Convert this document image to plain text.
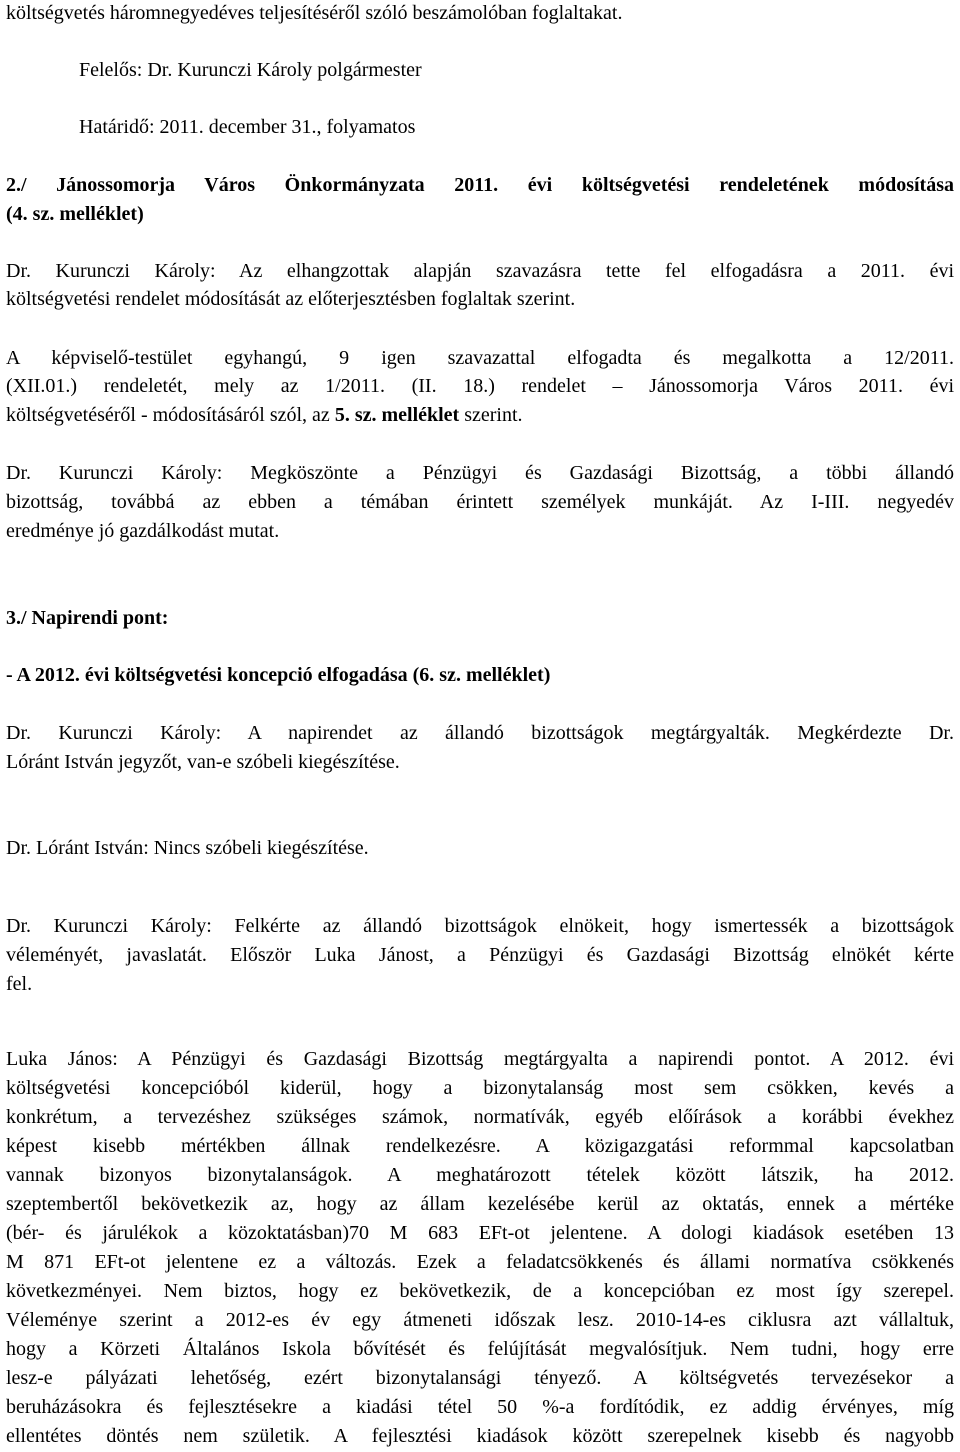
költségvetés háromnegyedéves teljesítéséről szóló beszámolóban foglaltakat.
Felelős: Dr. Kurunczi Károly polgármester
Határidő: 2011. december 31., folyamatos
2./ Jánossomorja Város Önkormányzata 2011. évi költségvetési rendeletének módosítása
(4. sz. melléklet)
Dr. Kurunczi Károly: Az elhangzottak alapján szavazásra tette fel elfogadásra a 2011. évi
költségvetési rendelet módosítását az előterjesztésben foglaltak szerint.
A képviselő-testület egyhangú, 9 igen szavazattal elfogadta és megalkotta a 12/2011.
(XII.01.) rendeletét, mely az 1/2011. (II. 18.) rendelet – Jánossomorja Város 2011. évi
költségvetéséről - módosításáról szól, az 5. sz. melléklet szerint.
Dr. Kurunczi Károly: Megköszönte a Pénzügyi és Gazdasági Bizottság, a többi állandó
bizottság, továbbá az ebben a témában érintett személyek munkáját. Az I-III. negyedév
eredménye jó gazdálkodást mutat.
3./ Napirendi pont:
- A 2012. évi költségvetési koncepció elfogadása (6. sz. melléklet)
Dr. Kurunczi Károly: A napirendet az állandó bizottságok megtárgyalták. Megkérdezte Dr.
Lóránt István jegyzőt, van-e szóbeli kiegészítése.
Dr. Lóránt István: Nincs szóbeli kiegészítése.
Dr. Kurunczi Károly: Felkérte az állandó bizottságok elnökeit, hogy ismertessék a bizottságok
véleményét, javaslatát. Először Luka Jánost, a Pénzügyi és Gazdasági Bizottság elnökét kérte
fel.
Luka János: A Pénzügyi és Gazdasági Bizottság megtárgyalta a napirendi pontot. A 2012. évi
költségvetési koncepcióból kiderül, hogy a bizonytalanság most sem csökken, kevés a
konkrétum, a tervezéshez szükséges számok, normatívák, egyéb előírások a korábbi évekhez
képest kisebb mértékben állnak rendelkezésre. A közigazgatási reformmal kapcsolatban
vannak bizonyos bizonytalanságok. A meghatározott tételek között látszik, ha 2012.
szeptembertől bekövetkezik az, hogy az állam kezelésébe kerül az oktatás, ennek a mértéke
(bér- és járulékok a közoktatásban)70 M 683 EFt-ot jelentene. A dologi kiadások esetében 13
M 871 EFt-ot jelentene ez a változás. Ezek a feladatcsökkenés és állami normatíva csökkenés
következményei. Nem biztos, hogy ez bekövetkezik, de a koncepcióban ez most így szerepel.
Véleménye szerint a 2012-es év egy átmeneti időszak lesz. 2010-14-es ciklusra azt vállaltuk,
hogy a Körzeti Általános Iskola bővítését és felújítását megvalósítjuk. Nem tudni, hogy erre
lesz-e pályázati lehetőség, ezért bizonytalansági tényező. A költségvetés tervezésekor a
beruházásokra és fejlesztésekre a kiadási tétel 50 %-a fordítódik, ez addig érvényes, míg
ellentétes döntés nem születik. A fejlesztési kiadások között szerepelnek kisebb és nagyobb
